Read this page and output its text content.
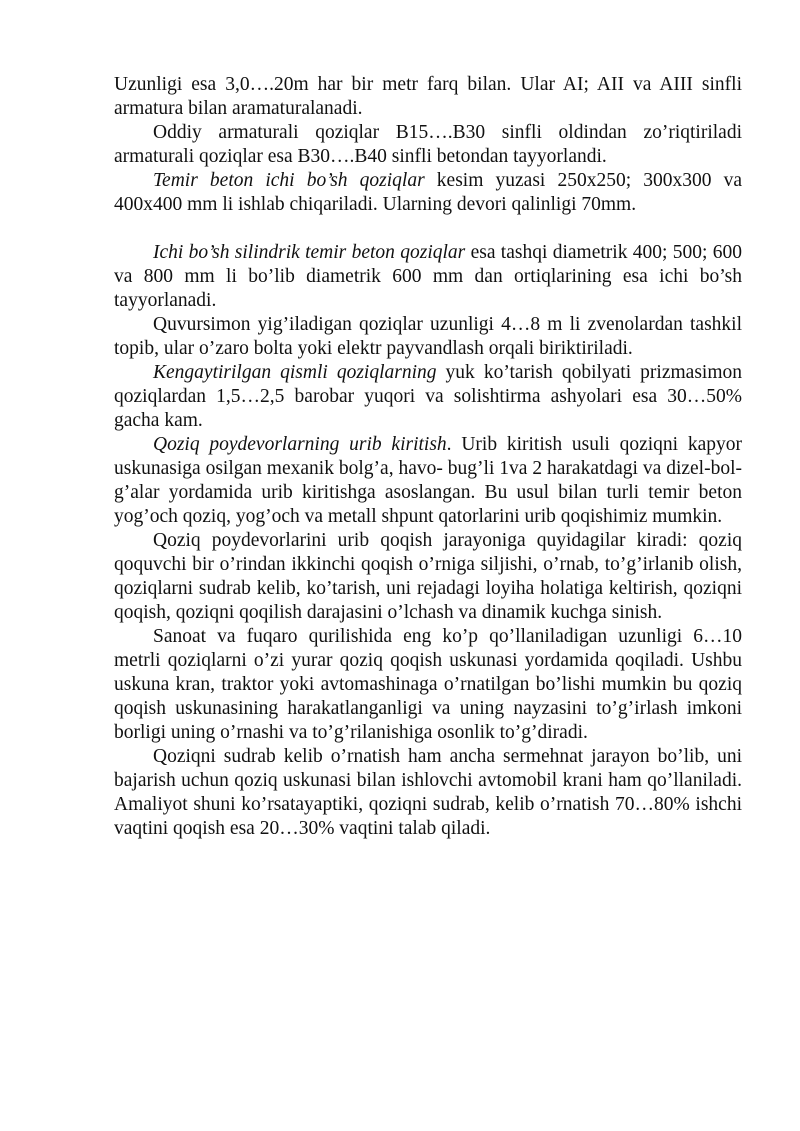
Uzunligi esa 3,0….20m har bir metr farq bilan. Ular AI; AII va AIII sinfli armatura bilan aramaturalanadi.

Oddiy armaturali qoziqlar B15….B30 sinfli oldindan zo’riqtiriladi armaturali qoziqlar esa B30….B40 sinfli betondan tayyorlandi.

Temir beton ichi bo’sh qoziqlar kesim yuzasi 250x250; 300x300 va 400x400 mm li ishlab chiqariladi. Ularning devori qalinligi 70mm.

Ichi bo’sh silindrik temir beton qoziqlar esa tashqi diametrik 400; 500; 600 va 800 mm li bo’lib diametrik 600 mm dan ortiqlarining esa ichi bo’sh tayyorlanadi.

Quvursimon yig’iladigan qoziqlar uzunligi 4…8 m li zvenolardan tashkil topib, ular o’zaro bolta yoki elektr payvandlash orqali biriktiriladi.

Kengaytirilgan qismli qoziqlarning yuk ko’tarish qobilyati prizmasimon qoziqlardan 1,5…2,5 barobar yuqori va solishtirma ashyolari esa 30…50% gacha kam.

Qoziq poydevorlarning urib kiritish. Urib kiritish usuli qoziqni kapyor uskunasiga osilgan mexanik bolg’a, havo- bug’li 1va 2 harakatdagi va dizel-bol-g’alar yordamida urib kiritishga asoslangan. Bu usul bilan turli temir beton yog’och qoziq, yog’och va metall shpunt qatorlarini urib qoqishimiz mumkin.

Qoziq poydevorlarini urib qoqish jarayoniga quyidagilar kiradi: qoziq qoquvchi bir o’rindan ikkinchi qoqish o’rniga siljishi, o’rnab, to’g’irlanib olish, qoziqlarni sudrab kelib, ko’tarish, uni rejadagi loyiha holatiga keltirish, qoziqni qoqish, qoziqni qoqilish darajasini o’lchash va dinamik kuchga sinish.

Sanoat va fuqaro qurilishida eng ko’p qo’llaniladigan uzunligi 6…10 metrli qoziqlarni o’zi yurar qoziq qoqish uskunasi yordamida qoqiladi. Ushbu uskuna kran, traktor yoki avtomashinaga o’rnatilgan bo’lishi mumkin bu qoziq qoqish uskunasining harakatlanganligi va uning nayzasini to’g’irlash imkoni borligi uning o’rnashi va to’g’rilanishiga osonlik to’g’diradi.

Qoziqni sudrab kelib o’rnatish ham ancha sermehnat jarayon bo’lib, uni bajarish uchun qoziq uskunasi bilan ishlovchi avtomobil krani ham qo’llaniladi. Amaliyot shuni ko’rsatayaptiki, qoziqni sudrab, kelib o’rnatish 70…80% ishchi vaqtini qoqish esa 20…30% vaqtini talab qiladi.
